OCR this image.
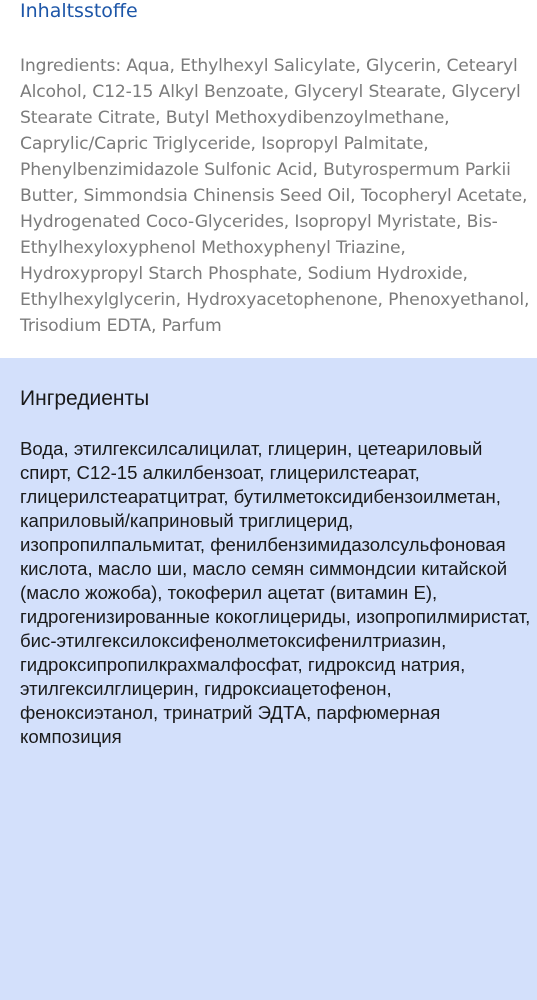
Inhaltsstoffe

Ingredients: Aqua, Ethylhexyl Salicylate, Glycerin, Cetearyl Alcohol, C12-15 Alkyl Benzoate, Glyceryl Stearate, Glyceryl Stearate Citrate, Butyl Methoxydibenzoylmethane, Caprylic/Capric Triglyceride, Isopropyl Palmitate, Phenylbenzimidazole Sulfonic Acid, Butyrospermum Parkii Butter, Simmondsia Chinensis Seed Oil, Tocopheryl Acetate, Hydrogenated Coco-Glycerides, Isopropyl Myristate, Bis-Ethylhexyloxyphenol Methoxyphenyl Triazine, Hydroxypropyl Starch Phosphate, Sodium Hydroxide, Ethylhexylglycerin, Hydroxyacetophenone, Phenoxyethanol, Trisodium EDTA, Parfum

Ингредиенты

Вода, этилгексилсалицилат, глицерин, цетеариловый спирт, C12-15 алкилбензоат, глицерилстеарат, глицерилстеаратцитрат, бутилметоксидибензоилметан, каприловый/каприновый триглицерид, изопропилпальмитат, фенилбензимидазолсульфоновая кислота, масло ши, масло семян симмондсии китайской (масло жожоба), токоферил ацетат (витамин Е), гидрогенизированные кокоглицериды, изопропилмиристат, бис-этилгексилоксифенолметоксифенилтриазин, гидроксипропилкрахмалфосфат, гидроксид натрия, этилгексилглицерин, гидроксиацетофенон, феноксиэтанол, тринатрий ЭДТА, парфюмерная композиция
